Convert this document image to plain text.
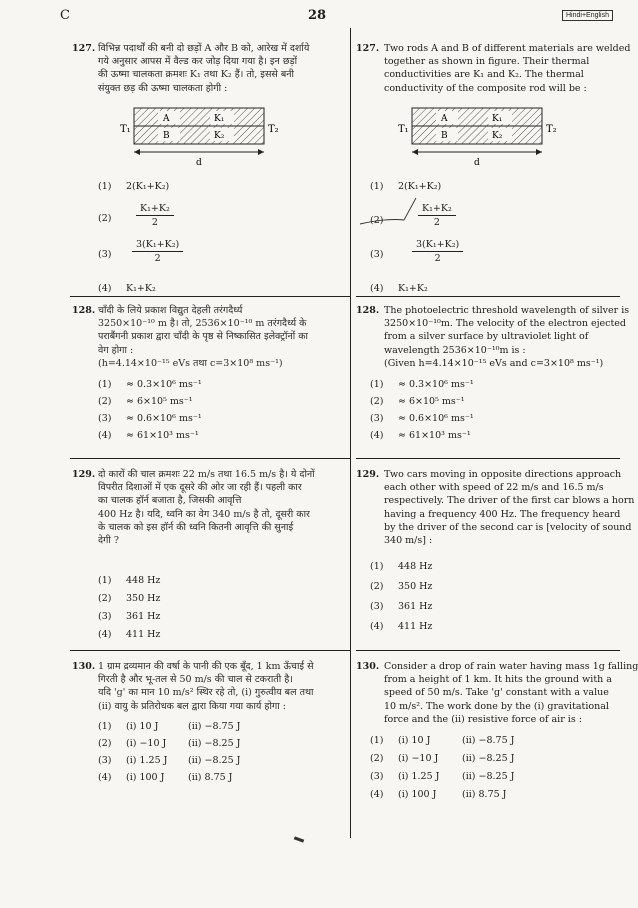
C	28	Hindi+English
127. विभिन्न पदार्थों की बनी दो छड़ों A और B को, आरेख में दर्शाये
गये अनुसार आपस में वैल्ड कर जोड़ दिया गया है। इन छड़ों
की ऊष्मा चालकता क्रमशः K₁ तथा K₂ हैं। तो, इससे बनी
संयुक्त छड़ की ऊष्मा चालकता होगी :
T₁	T₂
A
B
K₁
K₂
d
(1) 2(K₁+K₂)
(2)	$\frac{\text{K₁+K₂}}{2}$
$(3) \frac{\text{3(K₁+K₂)}}{2}$
(4) K₁+K₂
127. Two rods A and B of different materials are welded
together as shown in figure. Their thermal
conductivities are K₁ and K₂. The thermal
conductivity of the composite rod will be :
T₁	T₂
A
B
K₁
K₂
d
(1) 2(K₁+K₂)
(2)	$\frac{\text{K₁+K₂}}{2}$
(3)	$\frac{\text{3(K₁+K₂)}}{2}$
(4) K₁+K₂
128. चाँदी के लिये प्रकाश विद्युत देहली तरंगदैर्ध्य
3250×10⁻¹⁰ m है। तो, 2536×10⁻¹⁰ m तरंगदैर्ध्य के
पराबैंगनी प्रकाश द्वारा चाँदी के पृष्ठ से निष्कासित इलेक्ट्रॉनों का
वेग होगा :
(h=4.14×10⁻¹⁵ eVs तथा c=3×10⁸ ms⁻¹)
(1) ≈ 0.3×10⁶ ms⁻¹
(2) ≈ 6×10⁵ ms⁻¹
(3) ≈ 0.6×10⁶ ms⁻¹
(4) ≈ 61×10³ ms⁻¹
128. The photoelectric threshold wavelength of silver is
3250×10⁻¹⁰m. The velocity of the electron ejected
from a silver surface by ultraviolet light of
wavelength 2536×10⁻¹⁰m is :
(Given h=4.14×10⁻¹⁵ eVs and c=3×10⁸ ms⁻¹)
(1) ≈ 0.3×10⁶ ms⁻¹
(2) ≈ 6×10⁵ ms⁻¹
(3) ≈ 0.6×10⁶ ms⁻¹
(4) ≈ 61×10³ ms⁻¹
129. दो कारों की चाल क्रमशः 22 m/s तथा 16.5 m/s है। ये दोनों
विपरीत दिशाओं में एक दूसरे की ओर जा रही हैं। पहली कार
का चालक हॉर्न बजाता है, जिसकी आवृत्ति
400 Hz है। यदि, ध्वनि का वेग 340 m/s है तो, दूसरी कार
के चालक को इस हॉर्न की ध्वनि कितनी आवृत्ति की सुनाई
देगी ?
(1) 448 Hz
(2) 350 Hz
(3) 361 Hz
(4) 411 Hz
129. Two cars moving in opposite directions approach
each other with speed of 22 m/s and 16.5 m/s
respectively. The driver of the first car blows a horn
having a frequency 400 Hz. The frequency heard
by the driver of the second car is [velocity of sound
340 m/s] :
(1) 448 Hz
(2) 350 Hz
(3) 361 Hz
(4) 411 Hz
130. 1 ग्राम द्रव्यमान की वर्षा के पानी की एक बूँद, 1 km ऊँचाई से
गिरती है और भू-तल से 50 m/s की चाल से टकराती है।
यदि 'g' का मान 10 m/s² स्थिर रहे तो, (i) गुरुत्वीय बल तथा
(ii) वायु के प्रतिरोधक बल द्वारा किया गया कार्य होगा :
(1) (i) 10 J	(ii) −8.75 J
(2) (i) −10 J (ii) −8.25 J
(3) (i) 1.25 J (ii) −8.25 J
(4) (i) 100 J (ii) 8.75 J
130. Consider a drop of rain water having mass 1g falling
from a height of 1 km. It hits the ground with a
speed of 50 m/s. Take 'g' constant with a value
10 m/s². The work done by the (i) gravitational
force and the (ii) resistive force of air is :
(1) (i) 10 J	(ii) −8.75 J
(2) (i) −10 J (ii) −8.25 J
(3) (i) 1.25 J (ii) −8.25 J
(4) (i) 100 J	(ii) 8.75 J
